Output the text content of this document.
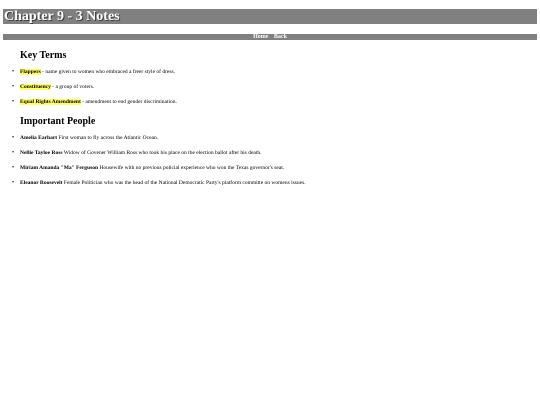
Chapter 9 - 3 Notes
Home Back
Key Terms
• Flappers - name given to women who embraced a freer style of dress.
• Constituency - a group of voters.
• Equal Rights Amendment - amendment to end gender discrimination.
Important People
• Amelia Earhart First woman to fly across the Atlantic Ocean.
• Nellie Tayloe Ross Widow of Govener William Ross who took his place on the election ballot after his death.
• Miriam Amanda "Ma" Ferguson Housewife with no previous policial experience who won the Texas governor's seat.
• Eleanor Roosevelt Female Politician who was the head of the National Democratic Party's platform committe on womens issues.
